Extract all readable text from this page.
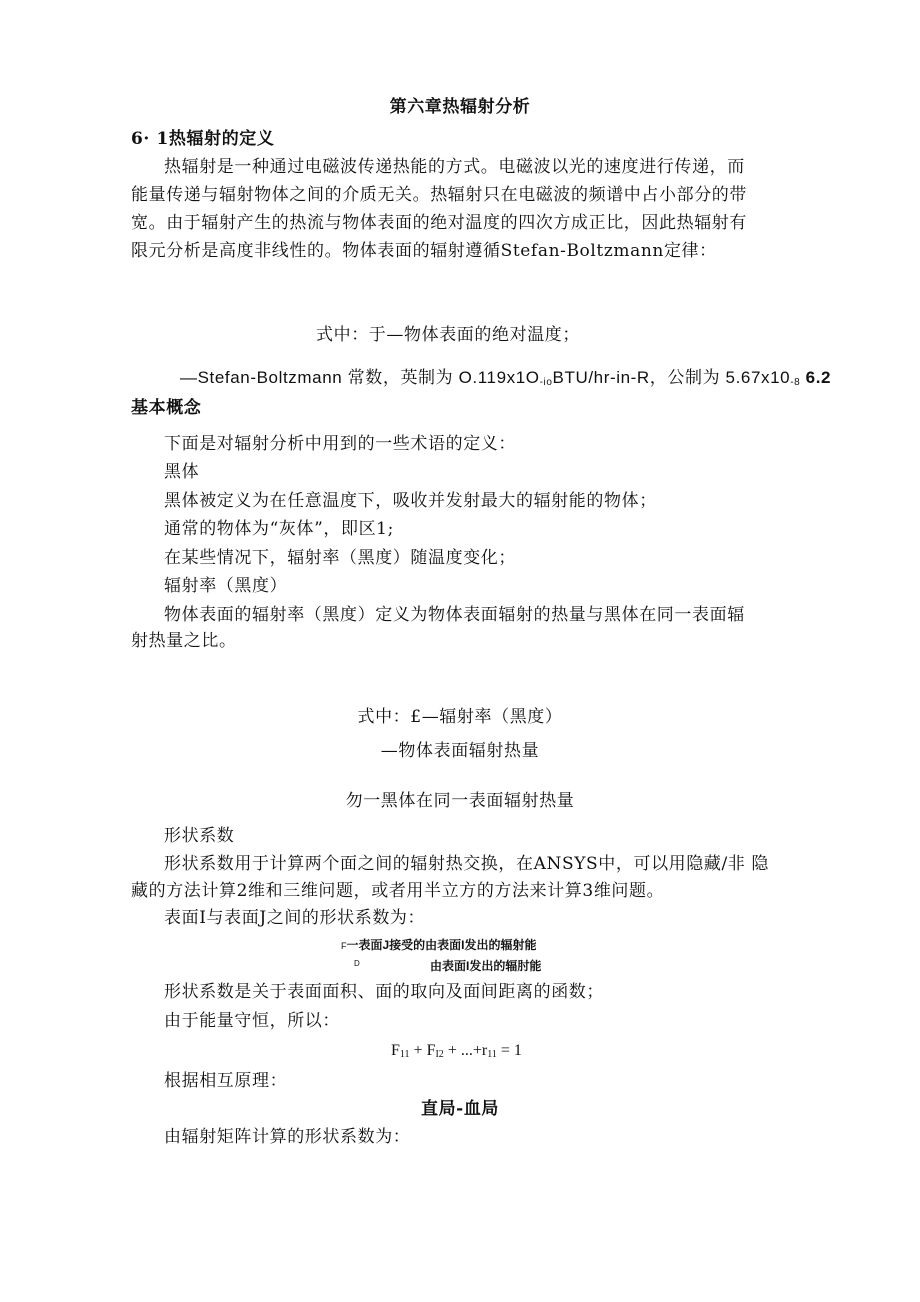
第六章热辐射分析
6· 1热辐射的定义
热辐射是一种通过电磁波传递热能的方式。电磁波以光的速度进行传递，而
能量传递与辐射物体之间的介质无关。热辐射只在电磁波的频谱中占小部分的带
宽。由于辐射产生的热流与物体表面的绝对温度的四次方成正比，因此热辐射有
限元分析是高度非线性的。物体表面的辐射遵循Stefan-Boltzmann定律：
式中：于—物体表面的绝对温度；
—Stefan-Boltzmann 常数，英制为 $O.119x1O_{-io}BTU/hr-in-R$，公制为 $5.67x10_{-8}$ 6.2
基本概念
下面是对辐射分析中用到的一些术语的定义：
黑体
黑体被定义为在任意温度下，吸收并发射最大的辐射能的物体；
通常的物体为“灰体”，即区1;
在某些情况下，辐射率（黑度）随温度变化；
辐射率（黑度）
物体表面的辐射率（黑度）定义为物体表面辐射的热量与黑体在同一表面辐
射热量之比。
式中：£—辐射率（黑度）
—物体表面辐射热量
勿一黑体在同一表面辐射热量
形状系数
形状系数用于计算两个面之间的辐射热交换，在ANSYS中，可以用隐藏/非 隐
藏的方法计算2维和三维问题，或者用半立方的方法来计算3维问题。
表面I与表面J之间的形状系数为：
F一表面J接受的由表面I发出的辐射能
D	由表面I发出的辐肘能
形状系数是关于表面面积、面的取向及面间距离的函数；
由于能量守恒，所以：
$F_{11} + F_{I2} + ...+r_{11} = 1$
根据相互原理：
直局-血局
由辐射矩阵计算的形状系数为：
